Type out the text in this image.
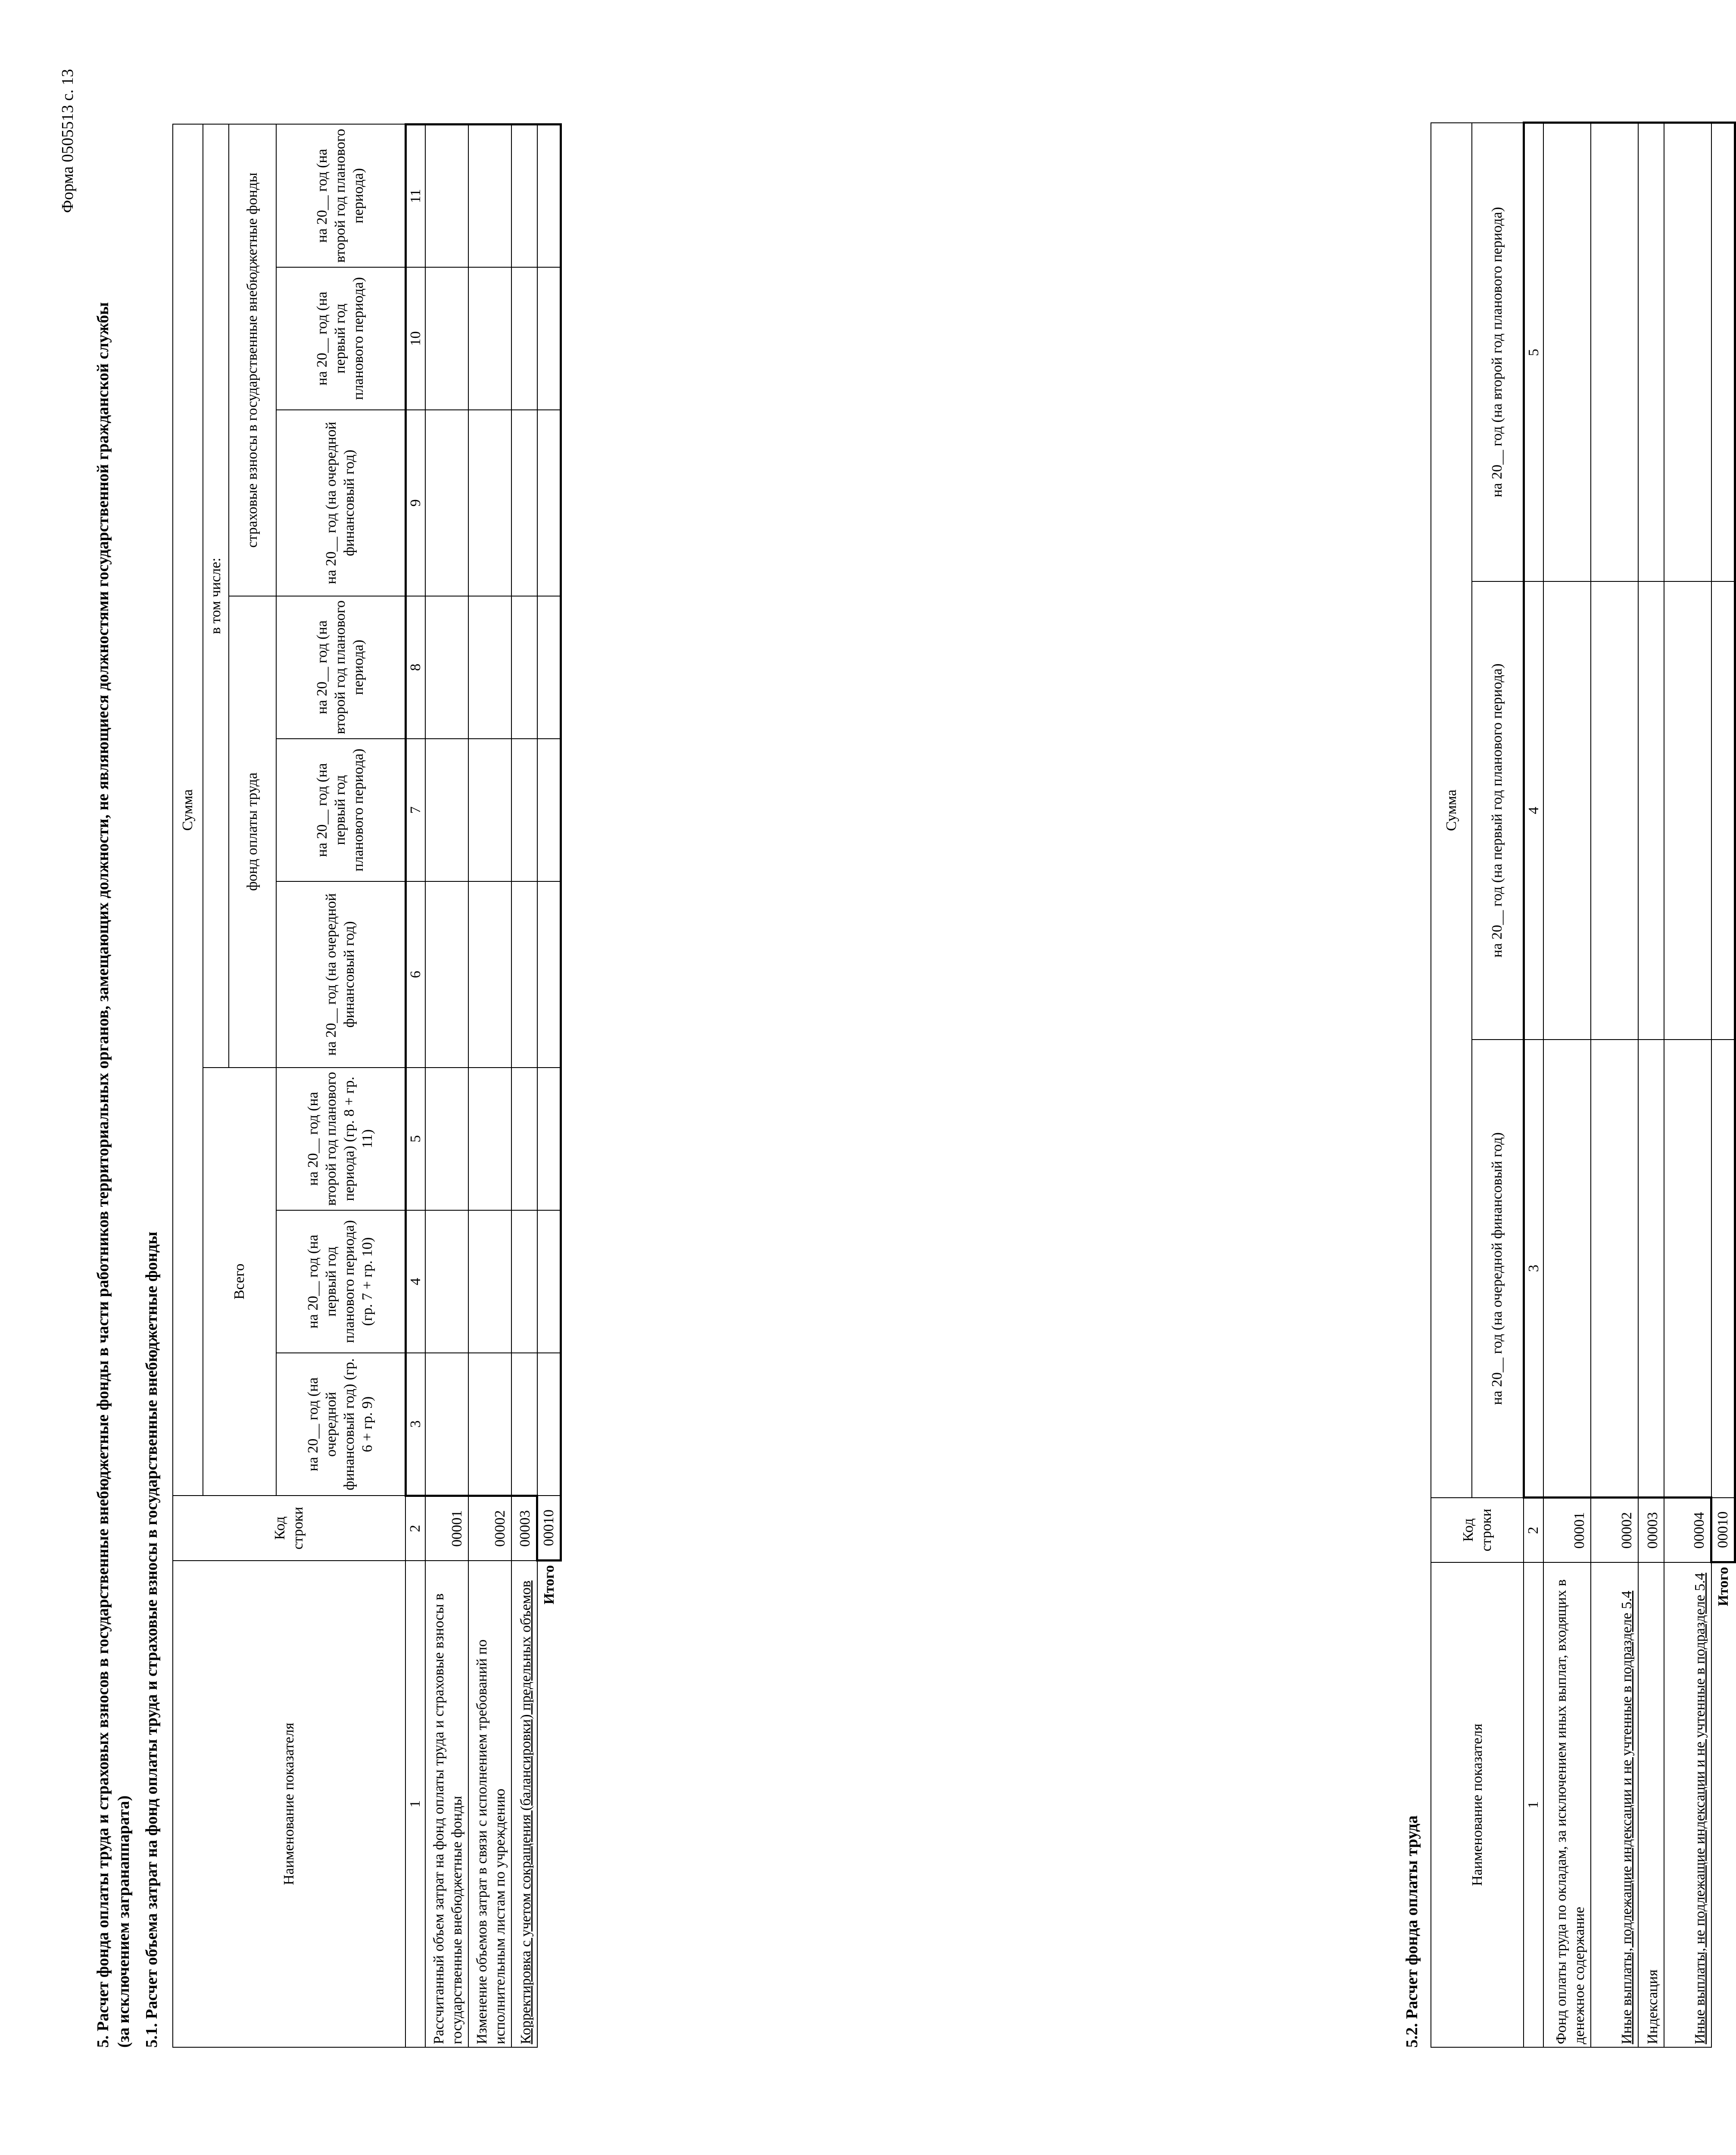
Форма 0505513 с. 13
5. Расчет фонда оплаты труда и страховых взносов в государственные внебюджетные фонды в части работников территориальных органов, замещающих должности, не являющиеся должностями государственной гражданской службы (за исключением загранаппарата) 5.1. Расчет объема затрат на фонд оплаты труда и страховые взносы в государственные внебюджетные фонды	Наименование показателя	Код строки	Сумма								
		Всего			в том числе:					
					фонд оплаты труда			страховые взносы в государственные внебюджетные фонды		
		на 20__ год (на очередной финансовый год) (гр. 6 + гр. 9)	на 20__ год (на первый год планового периода) (гр. 7 + гр. 10)	на 20__ год (на второй год планового периода) (гр. 8 + гр. 11)	на 20__ год (на очередной финансовый год)	на 20__ год (на первый год планового периода)	на 20__ год (на второй год планового периода)	на 20__ год (на очередной финансовый год)	на 20__ год (на первый год планового периода)	на 20__ год (на второй год планового периода)
1	2	3	4	5	6	7	8	9	10	11
Рассчитанный объем затрат на фонд оплаты труда и страховые взносы в государственные внебюджетные фонды	00001									
Изменение объемов затрат в связи с исполнением требований по исполнительным листам по учреждению	00002									
Корректировка с учетом сокращения (балансировки) предельных объемов	00003									
Итого	00010									
5.2. Расчет фонда оплаты труда
Наименование показателя	Код строки	Сумма		
		на 20__ год (на очередной финансовый год)	на 20__ год (на первый год планового периода)	на 20__ год (на второй год планового периода)
1	2	3	4	5
Фонд оплаты труда по окладам, за исключением иных выплат, входящих в денежное содержание	00001			
Иные выплаты, подлежащие индексации и не учтенные в подразделе 5.4	00002			
Индексация	00003			
Иные выплаты, не подлежащие индексации и не учтенные в подразделе 5.4	00004			
Итого	00010			
